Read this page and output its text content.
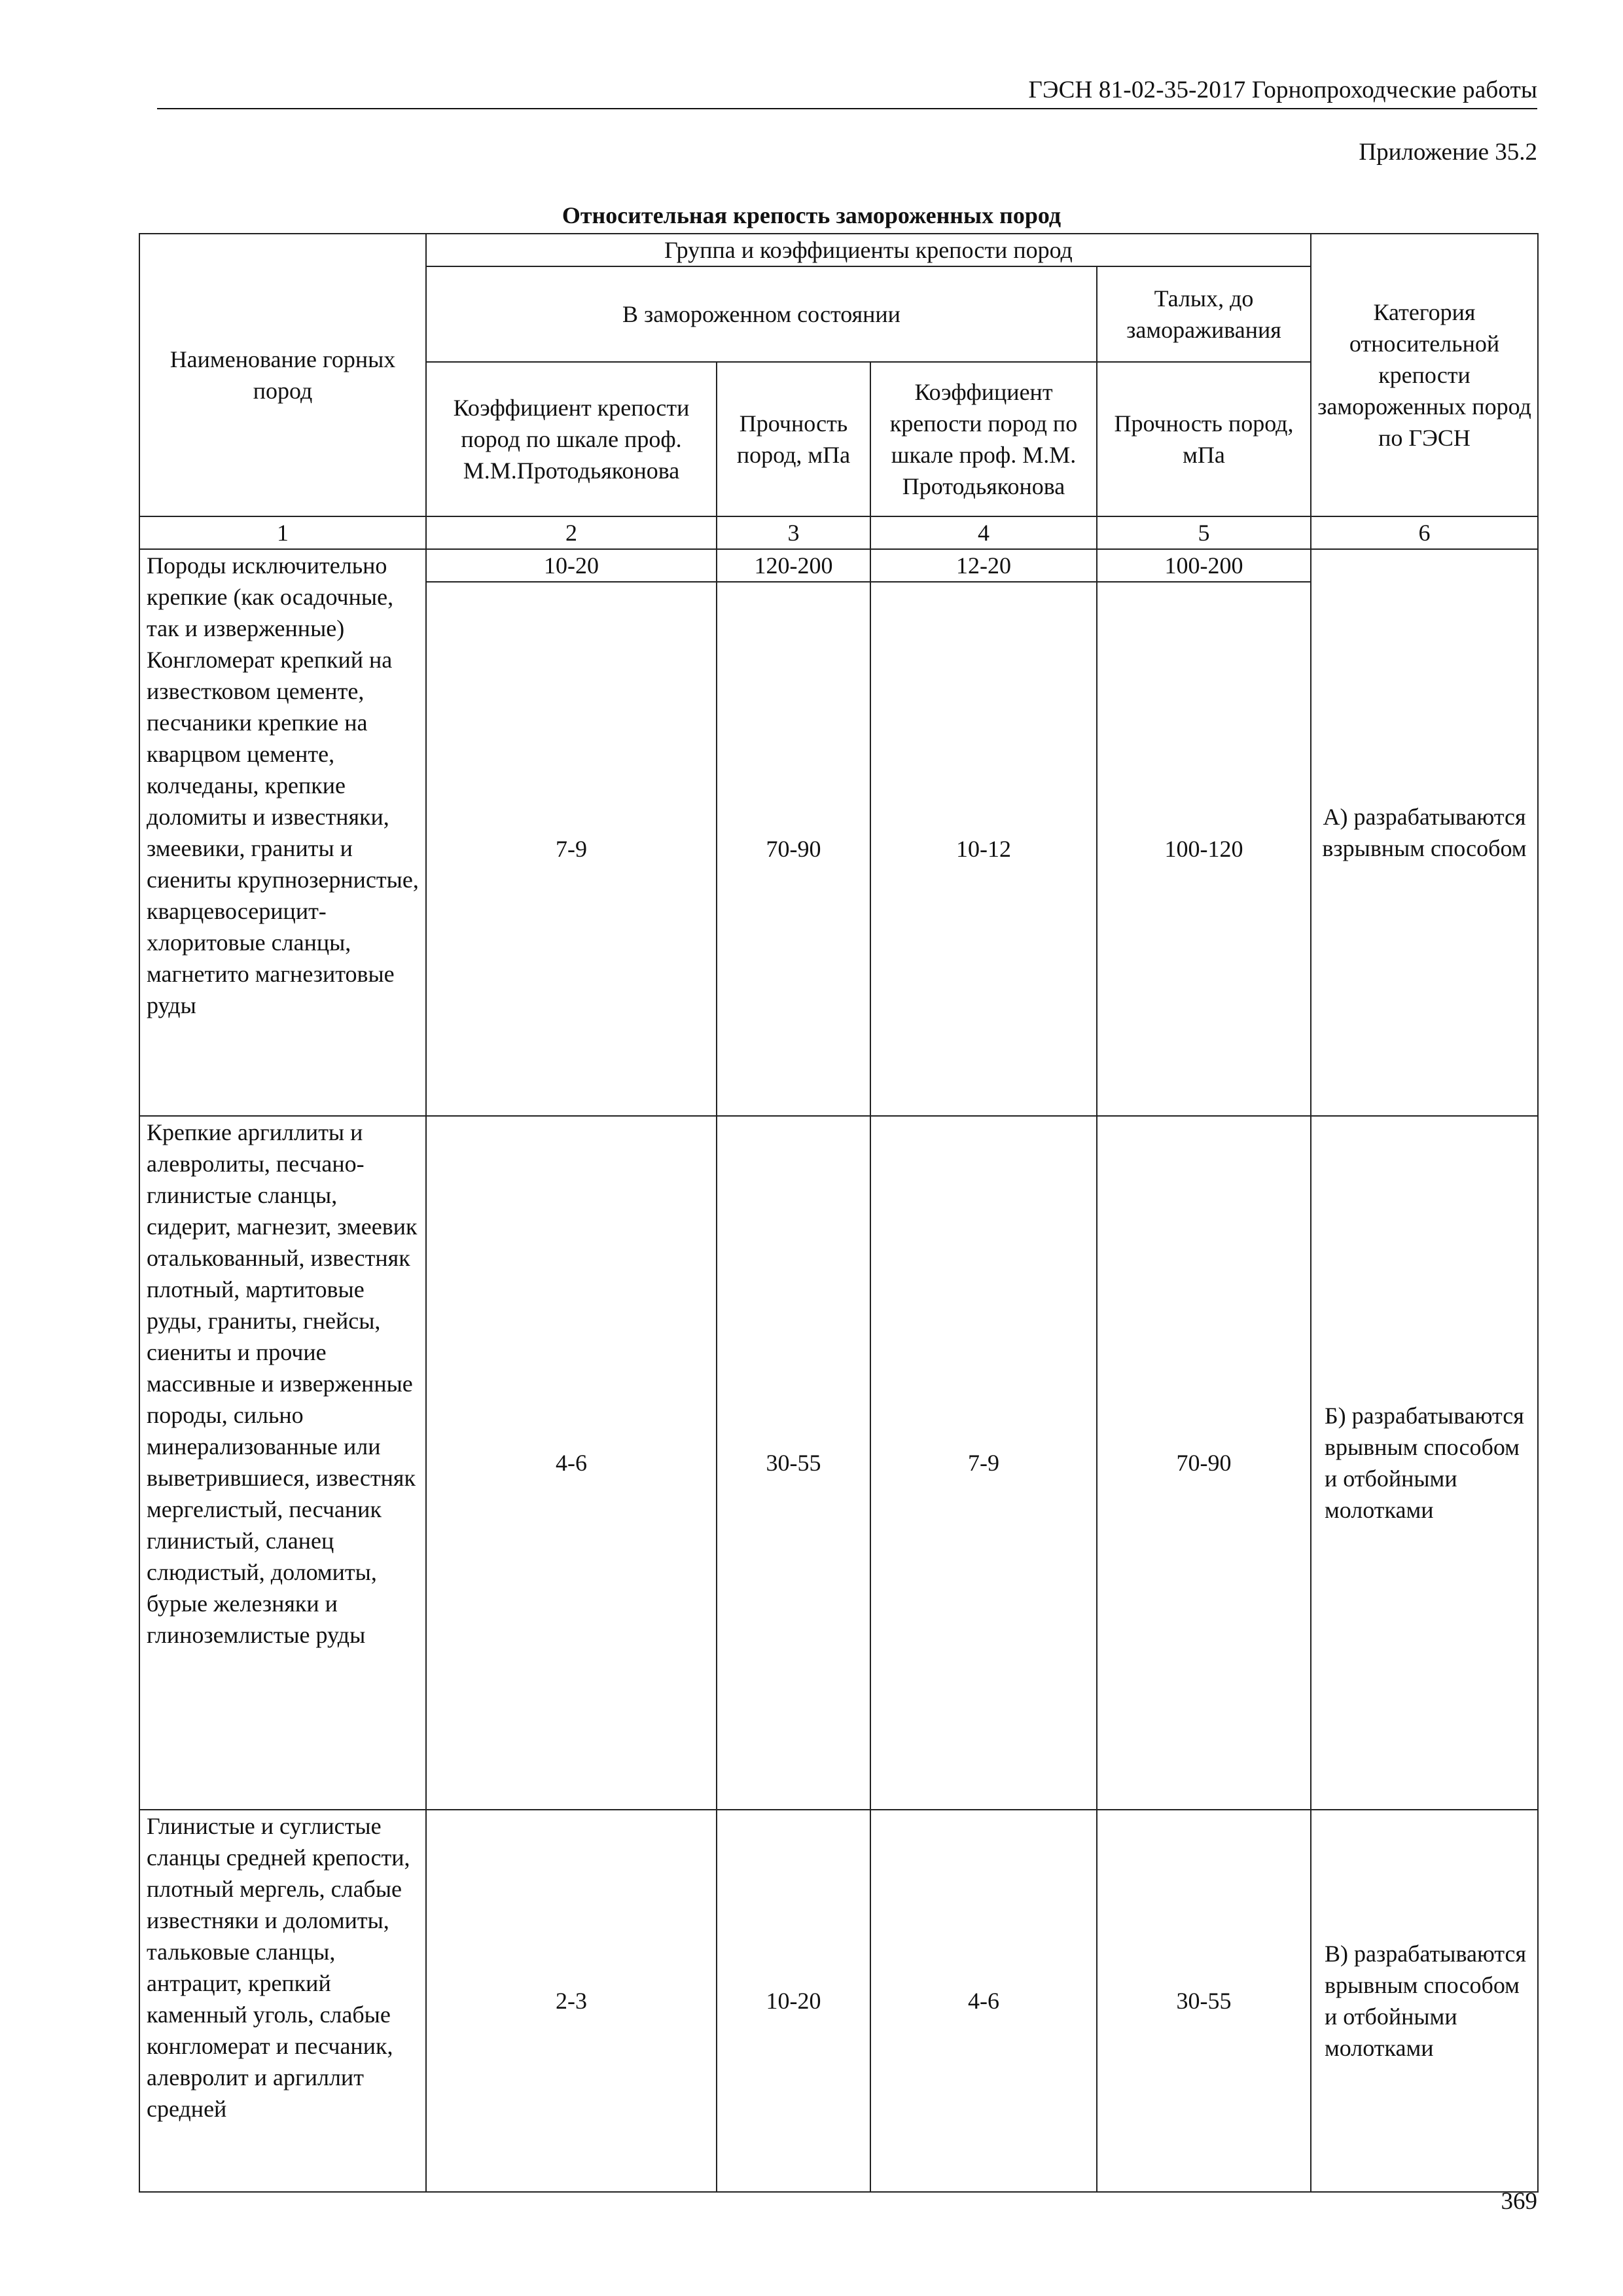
ГЭСН 81-02-35-2017 Горнопроходческие работы
Приложение 35.2
Относительная крепость замороженных пород
Наименование горных пород	Группа и коэффициенты крепости пород				Категория относительной крепости замороженных пород по ГЭСН
	В замороженном состоянии			Талых, до замораживания	
	Коэффициент крепости пород по шкале проф. М.М.Протодьяконова	Прочность пород, мПа	Коэффициент крепости пород по шкале проф. М.М. Протодьяконова	Прочность пород, мПа	
1	2	3	4	5	6
Породы исключительно крепкие (как осадочные, так и изверженные) Конгломерат крепкий на известковом цементе, песчаники крепкие на кварцвом цементе, колчеданы, крепкие доломиты и известняки, змеевики, граниты и сиениты крупнозернистые, кварцевосерицит-хлоритовые сланцы, магнетито магнезитовые руды	10-20	120-200	12-20	100-200	А) разрабатываются взрывным способом
	7-9	70-90	10-12	100-120	
Крепкие аргиллиты и алевролиты, песчано-глинистые сланцы, сидерит, магнезит, змеевик оталькованный, известняк плотный, мартитовые руды, граниты, гнейсы, сиениты и прочие массивные и изверженные породы, сильно минерализованные или выветрившиеся, известняк мергелистый, песчаник глинистый, сланец слюдистый, доломиты, бурые железняки и глиноземлистые руды	4-6	30-55	7-9	70-90	Б) разрабатываются врывным способом и отбойными молотками
Глинистые и суглистые сланцы средней крепости, плотный мергель, слабые известняки и доломиты, тальковые сланцы, антрацит, крепкий каменный уголь, слабые конгломерат и песчаник, алевролит и аргиллит средней	2-3	10-20	4-6	30-55	В) разрабатываются врывным способом и отбойными молотками
369
